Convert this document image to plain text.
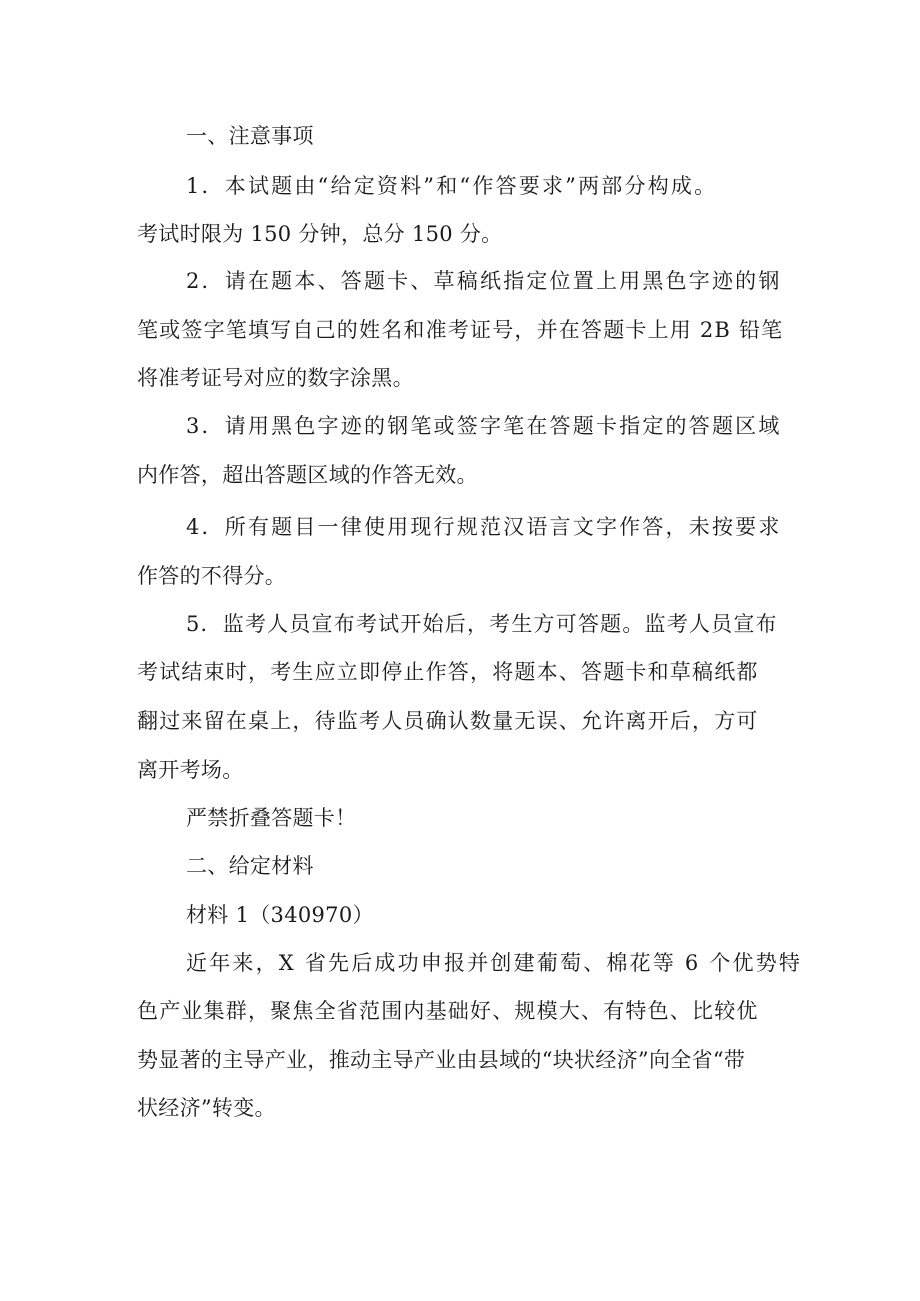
一、注意事项
1．本试题由“给定资料”和“作答要求”两部分构成。
考试时限为 150 分钟，总分 150 分。
2．请在题本、答题卡、草稿纸指定位置上用黑色字迹的钢
笔或签字笔填写自己的姓名和准考证号，并在答题卡上用 2B 铅笔
将准考证号对应的数字涂黑。
3．请用黑色字迹的钢笔或签字笔在答题卡指定的答题区域
内作答，超出答题区域的作答无效。
4．所有题目一律使用现行规范汉语言文字作答，未按要求
作答的不得分。
5．监考人员宣布考试开始后，考生方可答题。监考人员宣布
考试结束时，考生应立即停止作答，将题本、答题卡和草稿纸都
翻过来留在桌上，待监考人员确认数量无误、允许离开后，方可
离开考场。
严禁折叠答题卡！
二、给定材料
材料 1（340970）
近年来，X 省先后成功申报并创建葡萄、棉花等 6 个优势特
色产业集群，聚焦全省范围内基础好、规模大、有特色、比较优
势显著的主导产业，推动主导产业由县域的“块状经济”向全省“带
状经济”转变。
